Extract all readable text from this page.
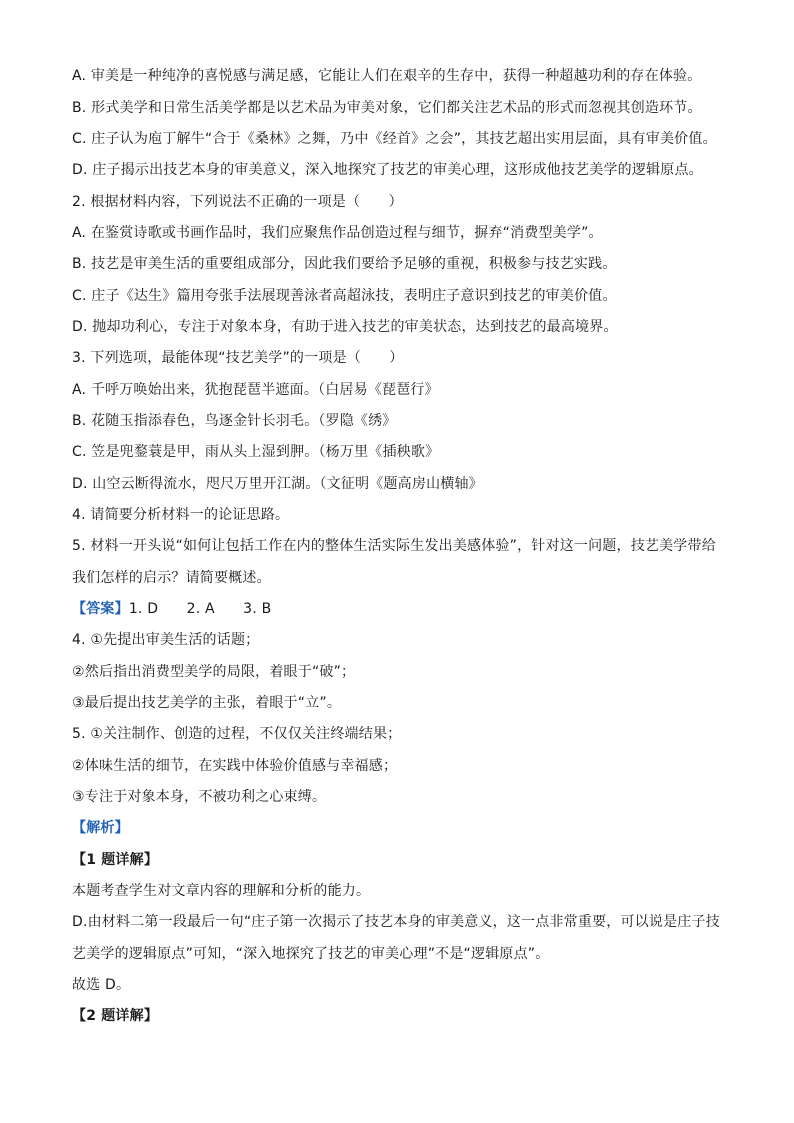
A. 审美是一种纯净的喜悦感与满足感，它能让人们在艰辛的生存中，获得一种超越功利的存在体验。
B. 形式美学和日常生活美学都是以艺术品为审美对象，它们都关注艺术品的形式而忽视其创造环节。
C. 庄子认为庖丁解牛“合于《桑林》之舞，乃中《经首》之会”，其技艺超出实用层面，具有审美价值。
D. 庄子揭示出技艺本身的审美意义，深入地探究了技艺的审美心理，这形成他技艺美学的逻辑原点。
2. 根据材料内容，下列说法不正确的一项是（　　）
A. 在鉴赏诗歌或书画作品时，我们应聚焦作品创造过程与细节，摒弃“消费型美学”。
B. 技艺是审美生活的重要组成部分，因此我们要给予足够的重视，积极参与技艺实践。
C. 庄子《达生》篇用夸张手法展现善泳者高超泳技，表明庄子意识到技艺的审美价值。
D. 抛却功利心，专注于对象本身，有助于进入技艺的审美状态，达到技艺的最高境界。
3. 下列选项，最能体现“技艺美学”的一项是（　　）
A. 千呼万唤始出来，犹抱琵琶半遮面。（白居易《琵琶行》
B. 花随玉指添春色，鸟逐金针长羽毛。（罗隐《绣》
C. 笠是兜鍪蓑是甲，雨从头上湿到胛。（杨万里《插秧歌》
D. 山空云断得流水，咫尺万里开江湖。（文征明《题高房山横轴》
4. 请简要分析材料一的论证思路。
5. 材料一开头说“如何让包括工作在内的整体生活实际生发出美感体验”，针对这一问题，技艺美学带给
我们怎样的启示？请简要概述。
【答案】1. D　　2. A　　3. B
4. ①先提出审美生活的话题；
②然后指出消费型美学的局限，着眼于“破”；
③最后提出技艺美学的主张，着眼于“立”。
5. ①关注制作、创造的过程，不仅仅关注终端结果；
②体味生活的细节，在实践中体验价值感与幸福感；
③专注于对象本身，不被功利之心束缚。
【解析】
【1 题详解】
本题考查学生对文章内容的理解和分析的能力。
D.由材料二第一段最后一句“庄子第一次揭示了技艺本身的审美意义，这一点非常重要，可以说是庄子技
艺美学的逻辑原点”可知，“深入地探究了技艺的审美心理”不是“逻辑原点”。
故选 D。
【2 题详解】
